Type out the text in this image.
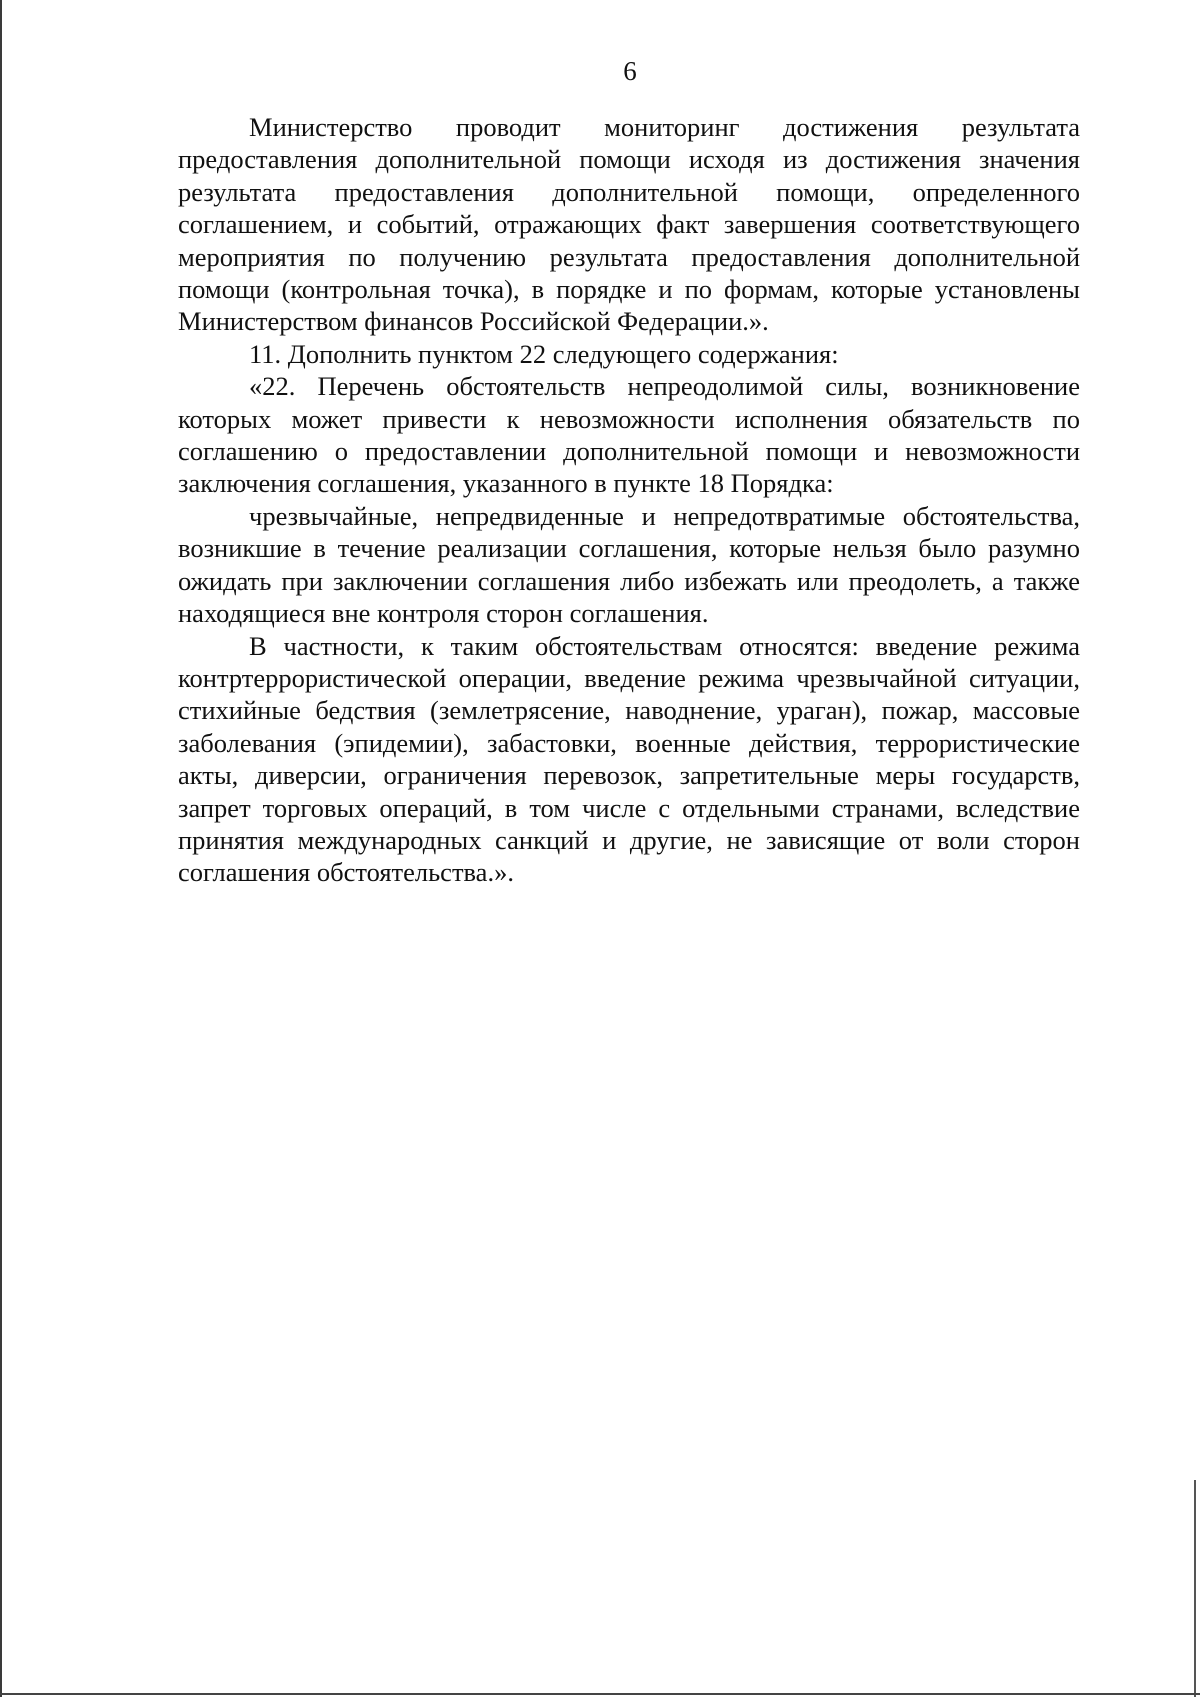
6

Министерство проводит мониторинг достижения результата предоставления дополнительной помощи исходя из достижения значения результата предоставления дополнительной помощи, определенного соглашением, и событий, отражающих факт завершения соответствующего мероприятия по получению результата предоставления дополнительной помощи (контрольная точка), в порядке и по формам, которые установлены Министерством финансов Российской Федерации.».

11. Дополнить пунктом 22 следующего содержания:

«22. Перечень обстоятельств непреодолимой силы, возникновение которых может привести к невозможности исполнения обязательств по соглашению о предоставлении дополнительной помощи и невозможности заключения соглашения, указанного в пункте 18 Порядка:

чрезвычайные, непредвиденные и непредотвратимые обстоятельства, возникшие в течение реализации соглашения, которые нельзя было разумно ожидать при заключении соглашения либо избежать или преодолеть, а также находящиеся вне контроля сторон соглашения.

В частности, к таким обстоятельствам относятся: введение режима контртеррористической операции, введение режима чрезвычайной ситуации, стихийные бедствия (землетрясение, наводнение, ураган), пожар, массовые заболевания (эпидемии), забастовки, военные действия, террористические акты, диверсии, ограничения перевозок, запретительные меры государств, запрет торговых операций, в том числе с отдельными странами, вследствие принятия международных санкций и другие, не зависящие от воли сторон соглашения обстоятельства.».
